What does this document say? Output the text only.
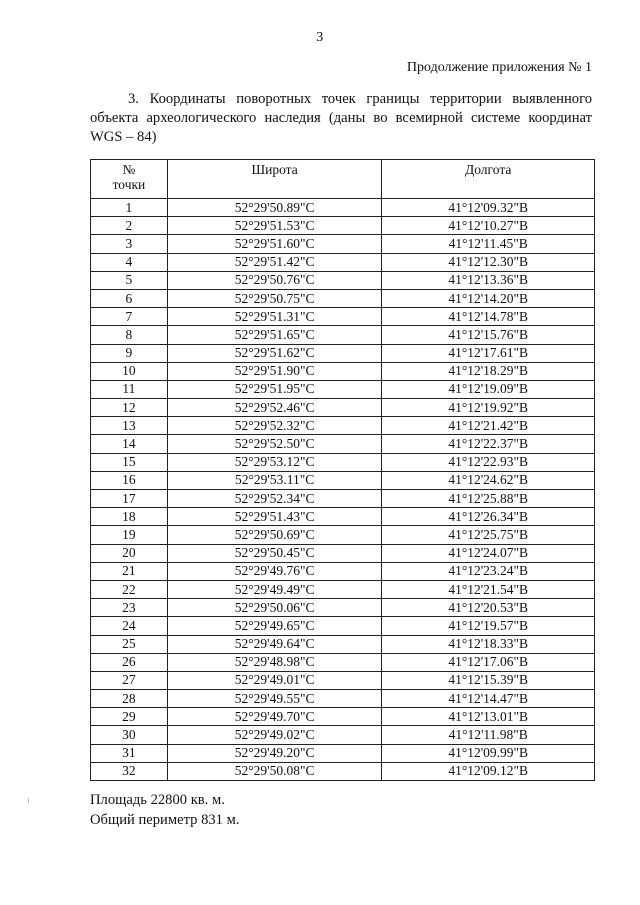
3
Продолжение приложения № 1
3. Координаты поворотных точек границы территории выявленного объекта археологического наследия (даны во всемирной системе координат WGS – 84)
№
точки	Широта	Долгота
1	52°29'50.89"С	41°12'09.32"В
2	52°29'51.53"С	41°12'10.27"В
3	52°29'51.60"С	41°12'11.45"В
4	52°29'51.42"С	41°12'12.30"В
5	52°29'50.76"С	41°12'13.36"В
6	52°29'50.75"С	41°12'14.20"В
7	52°29'51.31"С	41°12'14.78"В
8	52°29'51.65"С	41°12'15.76"В
9	52°29'51.62"С	41°12'17.61"В
10	52°29'51.90"С	41°12'18.29"В
11	52°29'51.95"С	41°12'19.09"В
12	52°29'52.46"С	41°12'19.92"В
13	52°29'52.32"С	41°12'21.42"В
14	52°29'52.50"С	41°12'22.37"В
15	52°29'53.12"С	41°12'22.93"В
16	52°29'53.11"С	41°12'24.62"В
17	52°29'52.34"С	41°12'25.88"В
18	52°29'51.43"С	41°12'26.34"В
19	52°29'50.69"С	41°12'25.75"В
20	52°29'50.45"С	41°12'24.07"В
21	52°29'49.76"С	41°12'23.24"В
22	52°29'49.49"С	41°12'21.54"В
23	52°29'50.06"С	41°12'20.53"В
24	52°29'49.65"С	41°12'19.57"В
25	52°29'49.64"С	41°12'18.33"В
26	52°29'48.98"С	41°12'17.06"В
27	52°29'49.01"С	41°12'15.39"В
28	52°29'49.55"С	41°12'14.47"В
29	52°29'49.70"С	41°12'13.01"В
30	52°29'49.02"С	41°12'11.98"В
31	52°29'49.20"С	41°12'09.99"В
32	52°29'50.08"С	41°12'09.12"В
Площадь 22800 кв. м.
Общий периметр 831 м.
